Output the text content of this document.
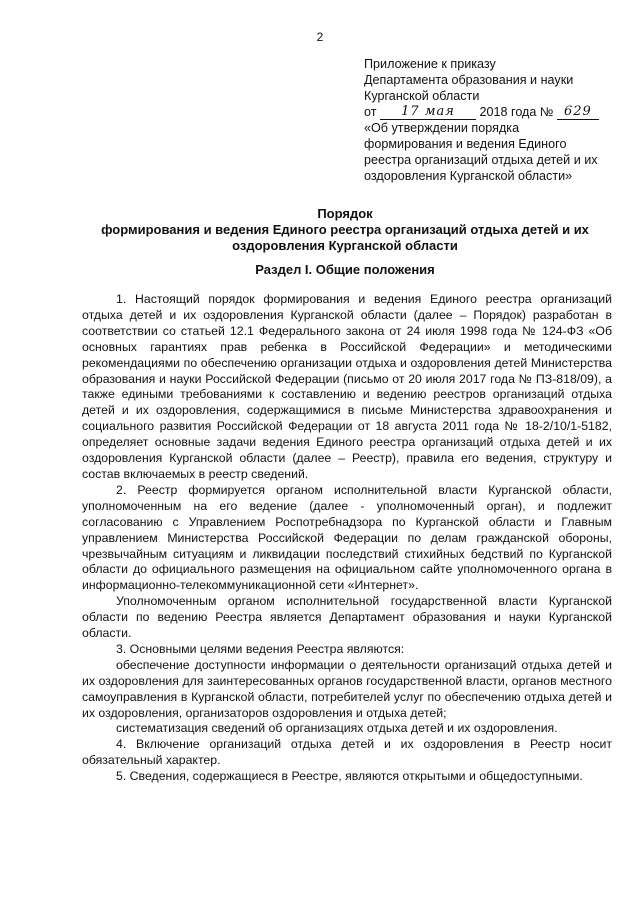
2
Приложение к приказу
Департамента образования и науки
Курганской области
от 17 мая 2018 года № 629
«Об утверждении порядка
формирования и ведения Единого
реестра организаций отдыха детей и их
оздоровления Курганской области»
Порядок
формирования и ведения Единого реестра организаций отдыха детей и их
оздоровления Курганской области
Раздел I. Общие положения

1. Настоящий порядок формирования и ведения Единого реестра организаций отдыха детей и их оздоровления Курганской области (далее – Порядок) разработан в соответствии со статьей 12.1 Федерального закона от 24 июля 1998 года № 124-ФЗ «Об основных гарантиях прав ребенка в Российской Федерации» и методическими рекомендациями по обеспечению организации отдыха и оздоровления детей Министерства образования и науки Российской Федерации (письмо от 20 июля 2017 года № ПЗ-818/09), а также едиными требованиями к составлению и ведению реестров организаций отдыха детей и их оздоровления, содержащимися в письме Министерства здравоохранения и социального развития Российской Федерации от 18 августа 2011 года № 18-2/10/1-5182, определяет основные задачи ведения Единого реестра организаций отдыха детей и их оздоровления Курганской области (далее – Реестр), правила его ведения, структуру и состав включаемых в реестр сведений.

2. Реестр формируется органом исполнительной власти Курганской области, уполномоченным на его ведение (далее - уполномоченный орган), и подлежит согласованию с Управлением Роспотребнадзора по Курганской области и Главным управлением Министерства Российской Федерации по делам гражданской обороны, чрезвычайным ситуациям и ликвидации последствий стихийных бедствий по Курганской области до официального размещения на официальном сайте уполномоченного органа в информационно-телекоммуникационной сети «Интернет».

Уполномоченным органом исполнительной государственной власти Курганской области по ведению Реестра является Департамент образования и науки Курганской области.

3. Основными целями ведения Реестра являются:

обеспечение доступности информации о деятельности организаций отдыха детей и их оздоровления для заинтересованных органов государственной власти, органов местного самоуправления в Курганской области, потребителей услуг по обеспечению отдыха детей и их оздоровления, организаторов оздоровления и отдыха детей;

систематизация сведений об организациях отдыха детей и их оздоровления.

4. Включение организаций отдыха детей и их оздоровления в Реестр носит обязательный характер.

5. Сведения, содержащиеся в Реестре, являются открытыми и общедоступными.
